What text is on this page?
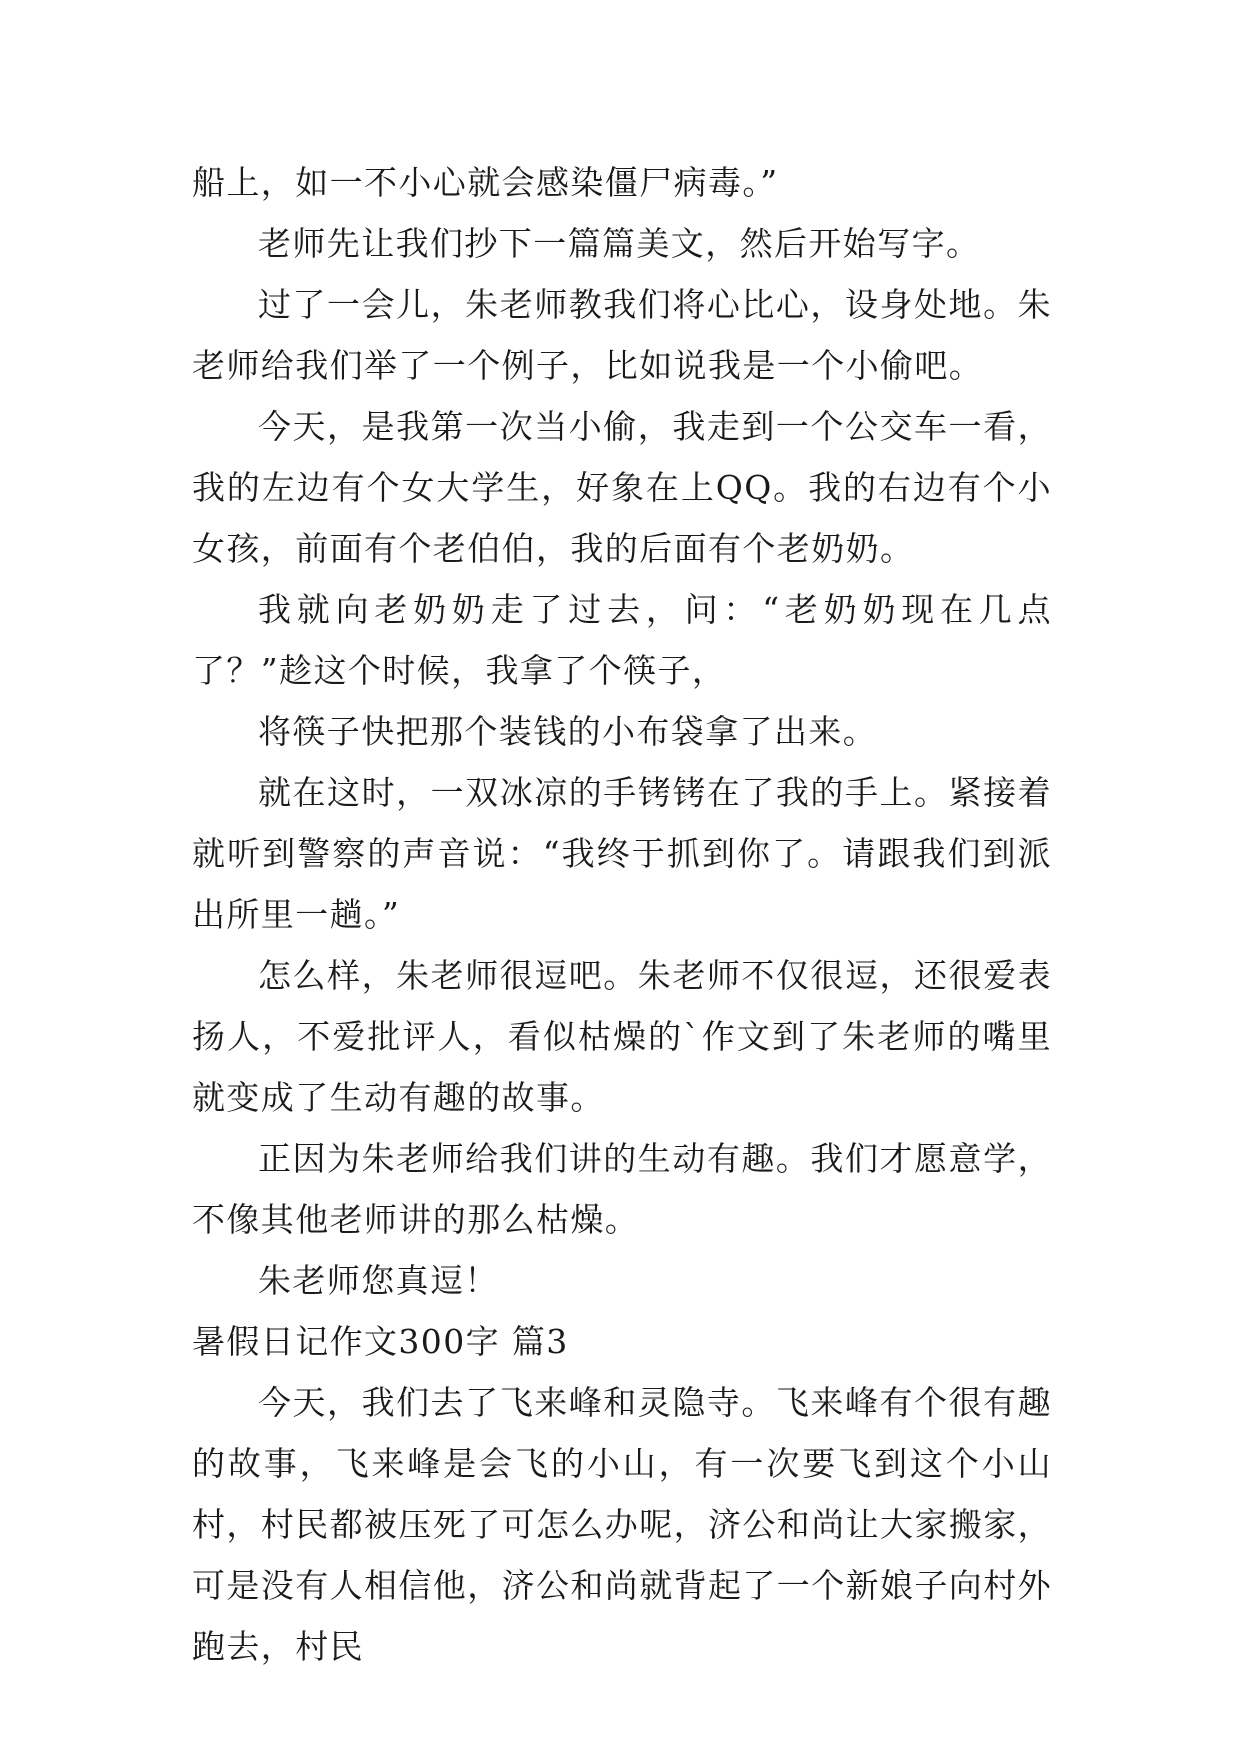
船上，如一不小心就会感染僵尸病毒。”

老师先让我们抄下一篇篇美文，然后开始写字。

过了一会儿，朱老师教我们将心比心，设身处地。朱老师给我们举了一个例子，比如说我是一个小偷吧。

今天，是我第一次当小偷，我走到一个公交车一看，我的左边有个女大学生，好象在上QQ。我的右边有个小女孩，前面有个老伯伯，我的后面有个老奶奶。

我就向老奶奶走了过去，问：“老奶奶现在几点了？”趁这个时候，我拿了个筷子，

将筷子快把那个装钱的小布袋拿了出来。

就在这时，一双冰凉的手铐铐在了我的手上。紧接着就听到警察的声音说：“我终于抓到你了。请跟我们到派出所里一趟。”

怎么样，朱老师很逗吧。朱老师不仅很逗，还很爱表扬人，不爱批评人，看似枯燥的`作文到了朱老师的嘴里就变成了生动有趣的故事。

正因为朱老师给我们讲的生动有趣。我们才愿意学，不像其他老师讲的那么枯燥。

朱老师您真逗！

暑假日记作文300字 篇3

今天，我们去了飞来峰和灵隐寺。飞来峰有个很有趣的故事，飞来峰是会飞的小山，有一次要飞到这个小山村，村民都被压死了可怎么办呢，济公和尚让大家搬家，可是没有人相信他，济公和尚就背起了一个新娘子向村外跑去，村民
